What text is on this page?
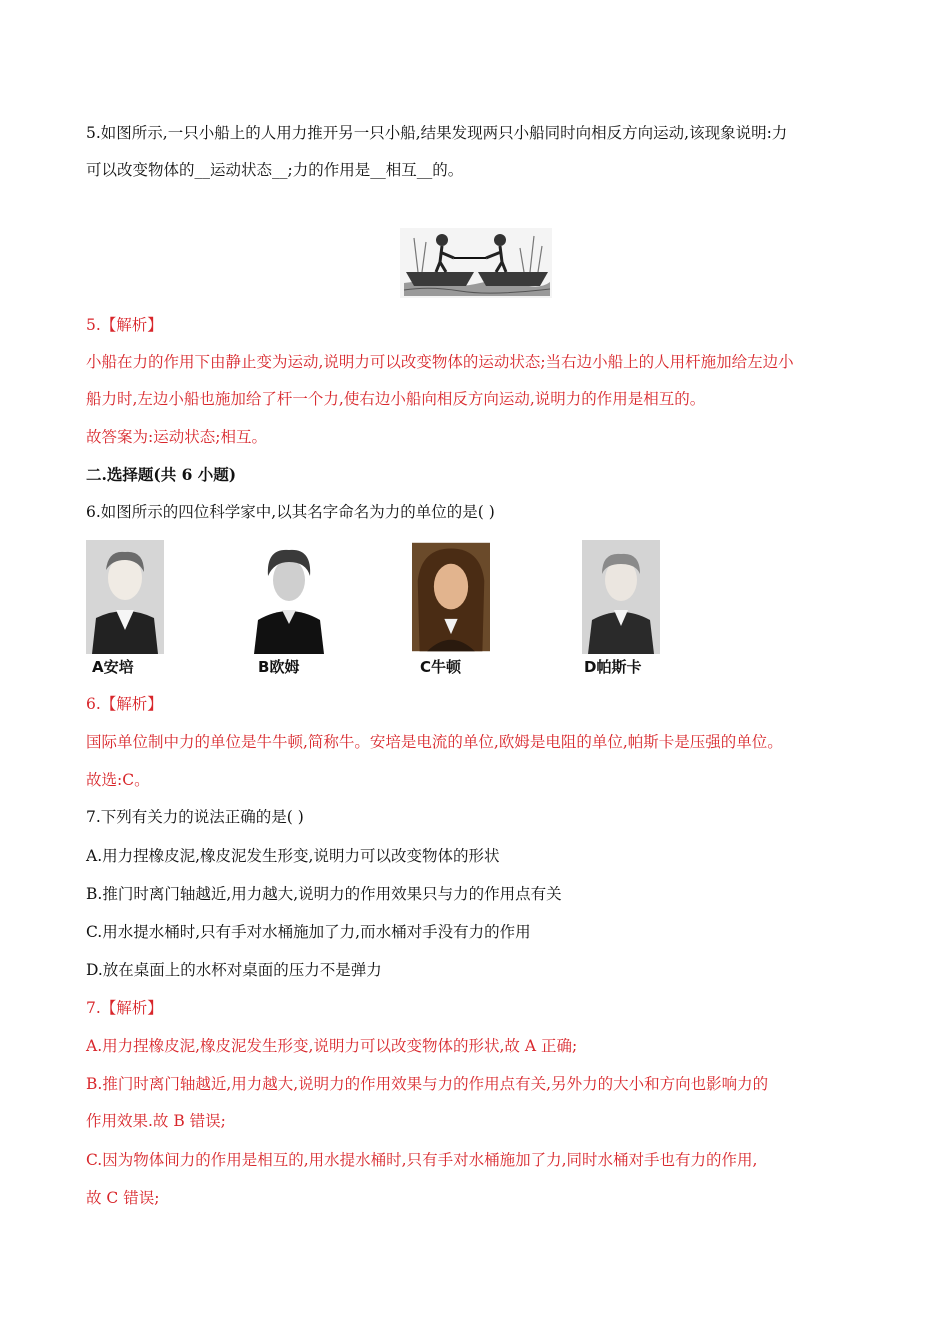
5.如图所示,一只小船上的人用力推开另一只小船,结果发现两只小船同时向相反方向运动,该现象说明:力
可以改变物体的__运动状态__;力的作用是__相互__的。
5.【解析】
小船在力的作用下由静止变为运动,说明力可以改变物体的运动状态;当右边小船上的人用杆施加给左边小
船力时,左边小船也施加给了杆一个力,使右边小船向相反方向运动,说明力的作用是相互的。
故答案为:运动状态;相互。
二.选择题(共 6 小题)
6.如图所示的四位科学家中,以其名字命名为力的单位的是( )
A安培	B欧姆	C牛顿	D帕斯卡
6.【解析】
国际单位制中力的单位是牛牛顿,简称牛。安培是电流的单位,欧姆是电阻的单位,帕斯卡是压强的单位。
故选:C。
7.下列有关力的说法正确的是( )
A.用力捏橡皮泥,橡皮泥发生形变,说明力可以改变物体的形状
B.推门时离门轴越近,用力越大,说明力的作用效果只与力的作用点有关
C.用水提水桶时,只有手对水桶施加了力,而水桶对手没有力的作用
D.放在桌面上的水杯对桌面的压力不是弹力
7.【解析】
A.用力捏橡皮泥,橡皮泥发生形变,说明力可以改变物体的形状,故 A 正确;
B.推门时离门轴越近,用力越大,说明力的作用效果与力的作用点有关,另外力的大小和方向也影响力的
作用效果.故 B 错误;
C.因为物体间力的作用是相互的,用水提水桶时,只有手对水桶施加了力,同时水桶对手也有力的作用,
故 C 错误;
